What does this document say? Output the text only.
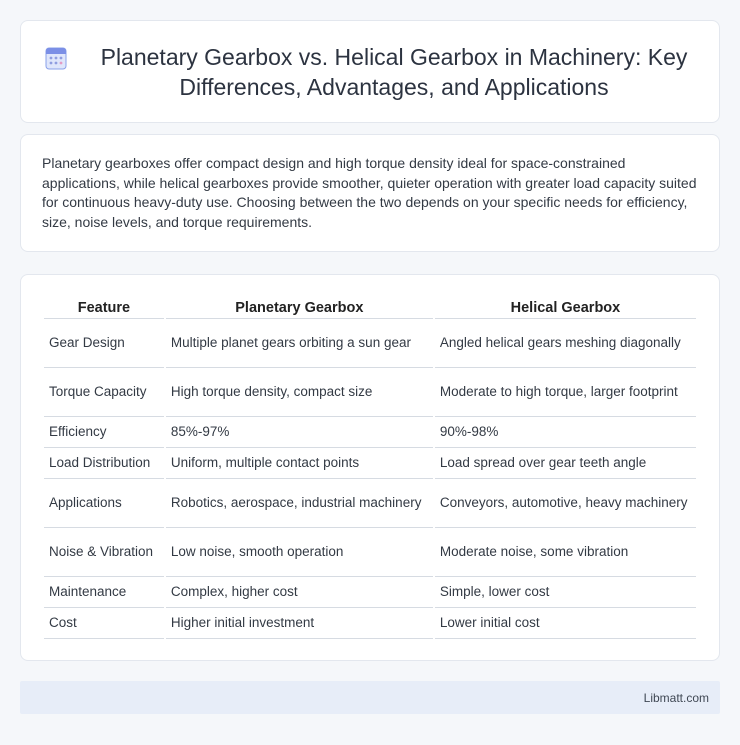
Planetary Gearbox vs. Helical Gearbox in Machinery: Key Differences, Advantages, and Applications

Planetary gearboxes offer compact design and high torque density ideal for space-constrained applications, while helical gearboxes provide smoother, quieter operation with greater load capacity suited for continuous heavy-duty use. Choosing between the two depends on your specific needs for efficiency, size, noise levels, and torque requirements.

Feature	Planetary Gearbox	Helical Gearbox
Gear Design	Multiple planet gears orbiting a sun gear	Angled helical gears meshing diagonally
Torque Capacity	High torque density, compact size	Moderate to high torque, larger footprint
Efficiency	85%-97%	90%-98%
Load Distribution	Uniform, multiple contact points	Load spread over gear teeth angle
Applications	Robotics, aerospace, industrial machinery	Conveyors, automotive, heavy machinery
Noise & Vibration	Low noise, smooth operation	Moderate noise, some vibration
Maintenance	Complex, higher cost	Simple, lower cost
Cost	Higher initial investment	Lower initial cost
Libmatt.com
